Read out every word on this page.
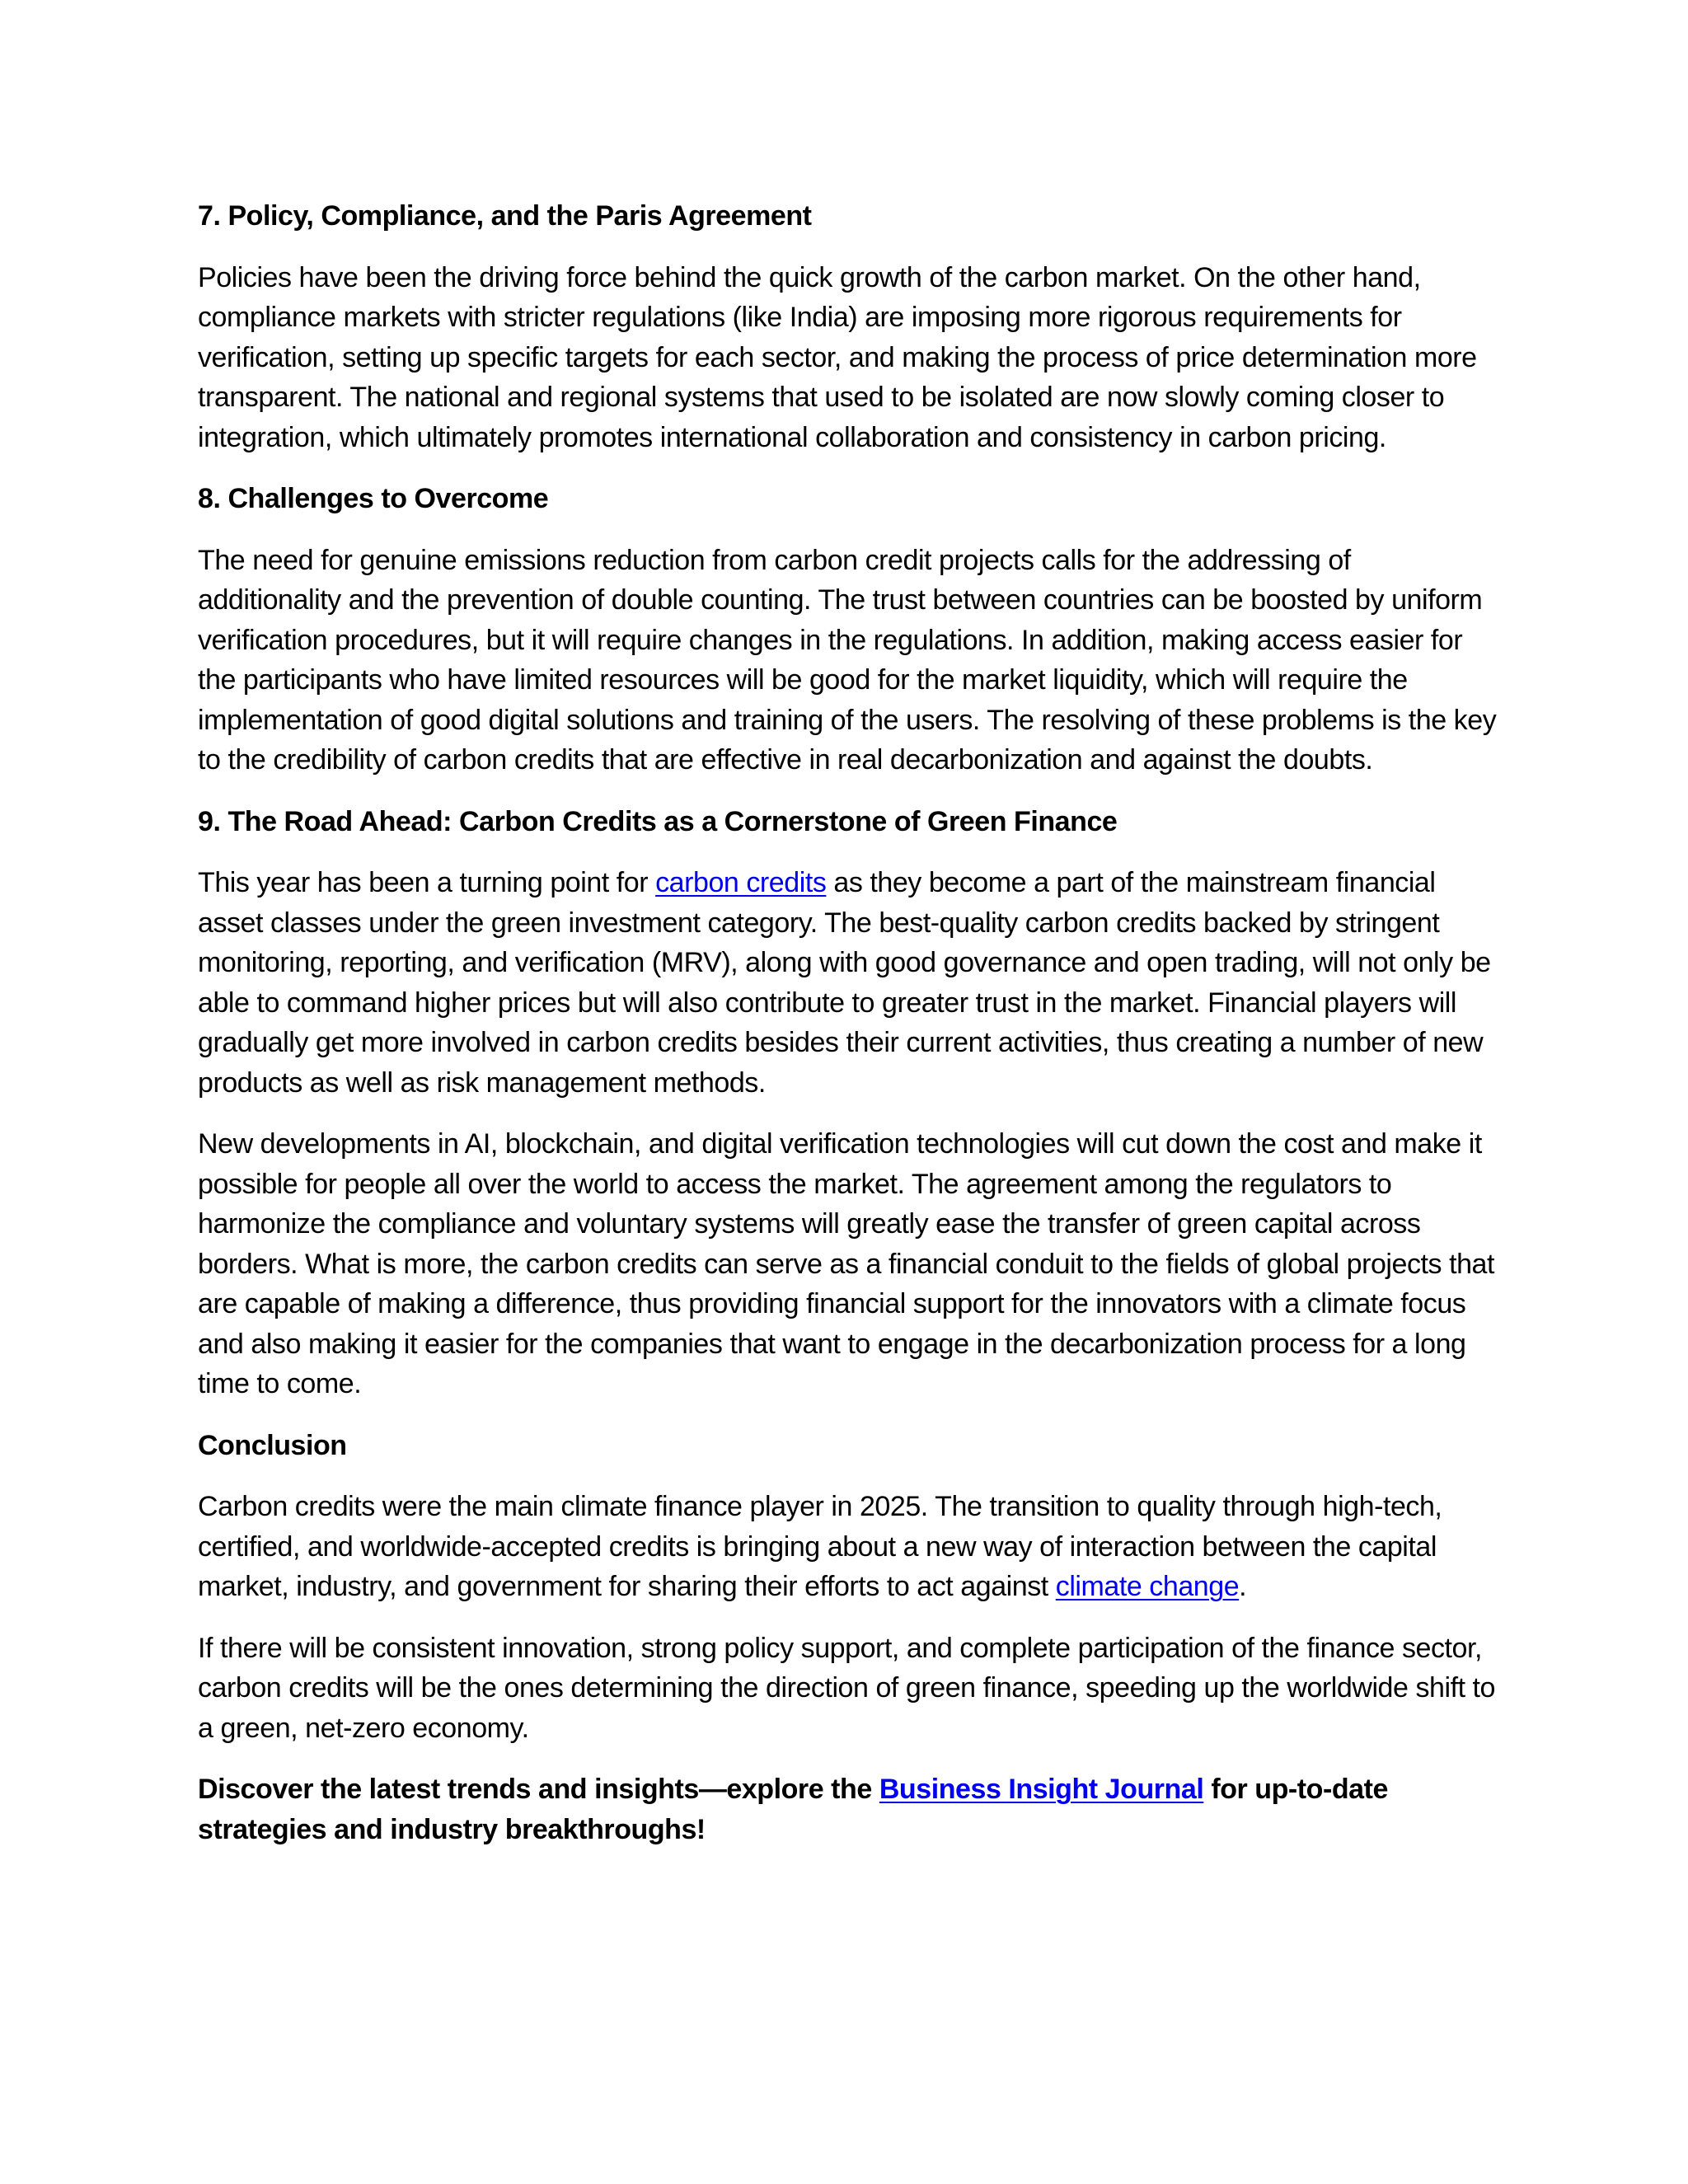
7. Policy, Compliance, and the Paris Agreement

Policies have been the driving force behind the quick growth of the carbon market. On the other hand, compliance markets with stricter regulations (like India) are imposing more rigorous requirements for verification, setting up specific targets for each sector, and making the process of price determination more transparent. The national and regional systems that used to be isolated are now slowly coming closer to integration, which ultimately promotes international collaboration and consistency in carbon pricing.

8. Challenges to Overcome

The need for genuine emissions reduction from carbon credit projects calls for the addressing of additionality and the prevention of double counting. The trust between countries can be boosted by uniform verification procedures, but it will require changes in the regulations. In addition, making access easier for the participants who have limited resources will be good for the market liquidity, which will require the implementation of good digital solutions and training of the users. The resolving of these problems is the key to the credibility of carbon credits that are effective in real decarbonization and against the doubts.

9. The Road Ahead: Carbon Credits as a Cornerstone of Green Finance

This year has been a turning point for carbon credits as they become a part of the mainstream financial asset classes under the green investment category. The best-quality carbon credits backed by stringent monitoring, reporting, and verification (MRV), along with good governance and open trading, will not only be able to command higher prices but will also contribute to greater trust in the market. Financial players will gradually get more involved in carbon credits besides their current activities, thus creating a number of new products as well as risk management methods.

New developments in AI, blockchain, and digital verification technologies will cut down the cost and make it possible for people all over the world to access the market. The agreement among the regulators to harmonize the compliance and voluntary systems will greatly ease the transfer of green capital across borders. What is more, the carbon credits can serve as a financial conduit to the fields of global projects that are capable of making a difference, thus providing financial support for the innovators with a climate focus and also making it easier for the companies that want to engage in the decarbonization process for a long time to come.

Conclusion

Carbon credits were the main climate finance player in 2025. The transition to quality through high-tech, certified, and worldwide-accepted credits is bringing about a new way of interaction between the capital market, industry, and government for sharing their efforts to act against climate change.

If there will be consistent innovation, strong policy support, and complete participation of the finance sector, carbon credits will be the ones determining the direction of green finance, speeding up the worldwide shift to a green, net-zero economy.

Discover the latest trends and insights—explore the Business Insight Journal for up-to-date strategies and industry breakthroughs!
